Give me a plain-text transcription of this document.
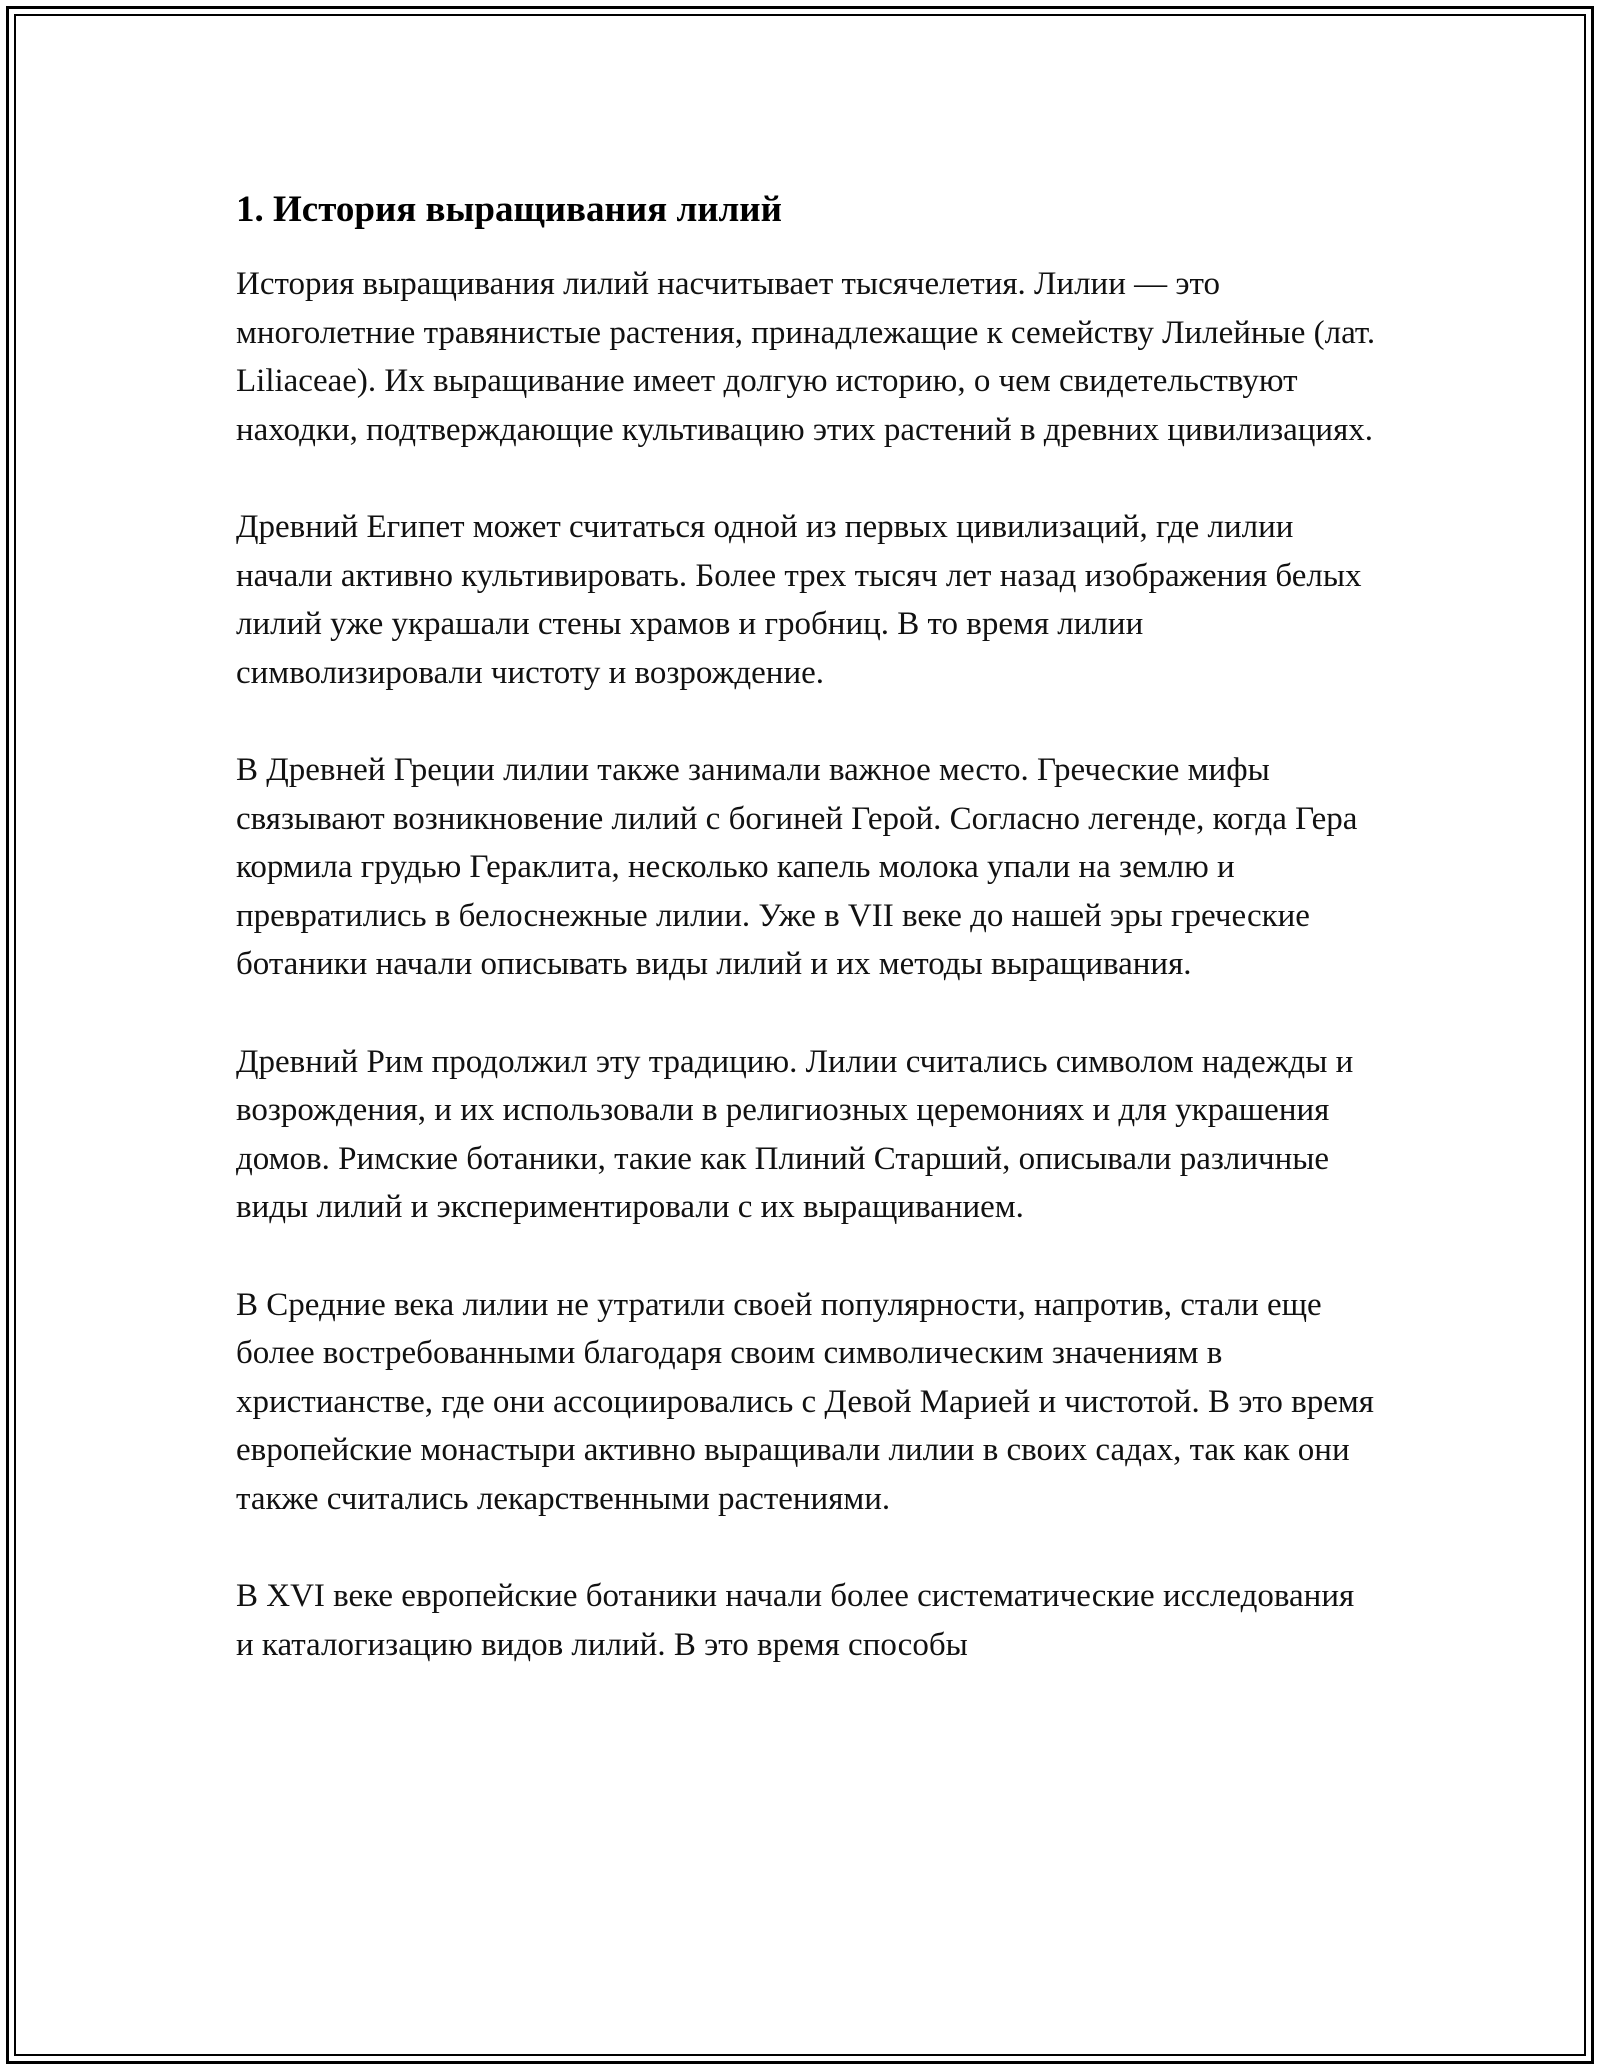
1. История выращивания лилий

История выращивания лилий насчитывает тысячелетия. Лилии — это многолетние травянистые растения, принадлежащие к семейству Лилейные (лат. Liliaceae). Их выращивание имеет долгую историю, о чем свидетельствуют находки, подтверждающие культивацию этих растений в древних цивилизациях.

Древний Египет может считаться одной из первых цивилизаций, где лилии начали активно культивировать. Более трех тысяч лет назад изображения белых лилий уже украшали стены храмов и гробниц. В то время лилии символизировали чистоту и возрождение.

В Древней Греции лилии также занимали важное место. Греческие мифы связывают возникновение лилий с богиней Герой. Согласно легенде, когда Гера кормила грудью Гераклита, несколько капель молока упали на землю и превратились в белоснежные лилии. Уже в VII веке до нашей эры греческие ботаники начали описывать виды лилий и их методы выращивания.

Древний Рим продолжил эту традицию. Лилии считались символом надежды и возрождения, и их использовали в религиозных церемониях и для украшения домов. Римские ботаники, такие как Плиний Старший, описывали различные виды лилий и экспериментировали с их выращиванием.

В Средние века лилии не утратили своей популярности, напротив, стали еще более востребованными благодаря своим символическим значениям в христианстве, где они ассоциировались с Девой Марией и чистотой. В это время европейские монастыри активно выращивали лилии в своих садах, так как они также считались лекарственными растениями.

В XVI веке европейские ботаники начали более систематические исследования и каталогизацию видов лилий. В это время способы
